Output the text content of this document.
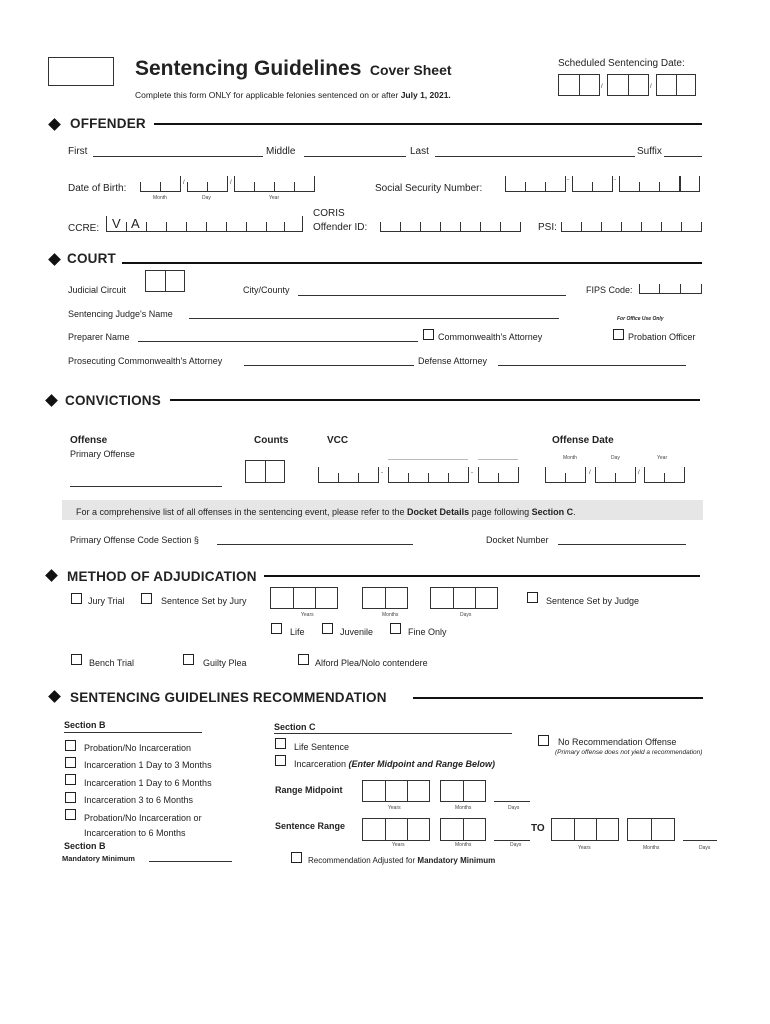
Sentencing Guidelines Cover Sheet
Complete this form ONLY for applicable felonies sentenced on or after July 1, 2021.
Scheduled Sentencing Date:
/	/
OFFENDER
First	Middle	Last	Suffix
Date of Birth:	/	/
Month	Day	Year
Social Security Number:
-	-
CCRE: V A
CORIS
Offender ID:	PSI:
COURT
Judicial Circuit	City/County	FIPS Code:
Sentencing Judge's Name	For Office Use Only
Preparer Name	Commonwealth's Attorney	Probation Officer
Prosecuting Commonwealth's Attorney	Defense Attorney
CONVICTIONS
Offense
Primary Offense
Counts	VCC
-	-
Offense Date
Month	Day	Year
/	/
For a comprehensive list of all offenses in the sentencing event, please refer to the Docket Details page following Section C.
Primary Offense Code Section §	Docket Number
METHOD OF ADJUDICATION
Jury Trial	Sentence Set by Jury
Years	Months	Days
Sentence Set by Judge
Life	Juvenile	Fine Only
Bench Trial	Guilty Plea	Alford Plea/Nolo contendere
SENTENCING GUIDELINES RECOMMENDATION
Section B
Probation/No Incarceration
Incarceration 1 Day to 3 Months
Incarceration 1 Day to 6 Months
Incarceration 3 to 6 Months
Probation/No Incarceration or
Incarceration to 6 Months
Section B
Mandatory Minimum
Section C
Life Sentence
Incarceration (Enter Midpoint and Range Below)
No Recommendation Offense
(Primary offense does not yield a recommendation)
Range Midpoint
Years	Months	Days
Sentence Range
Years	Months	Days
TO
Years	Months	Days
Recommendation Adjusted for Mandatory Minimum
